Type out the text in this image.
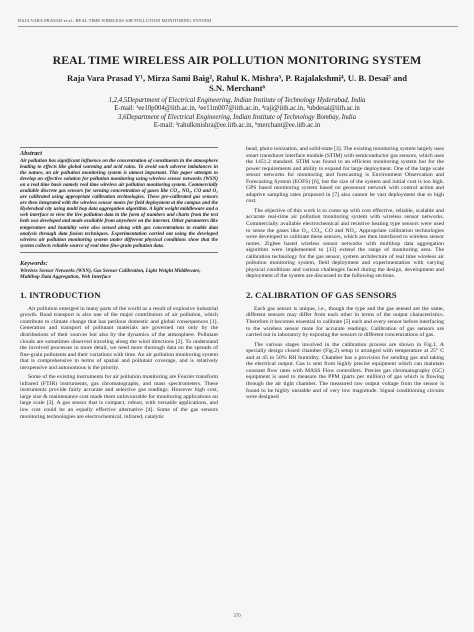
RAJA VARA PRASAD et al.: REAL TIME WIRELESS AIR POLLUTION MONITORING SYSTEM
REAL TIME WIRELESS AIR POLLUTION MONITORING SYSTEM
Raja Vara Prasad Y¹, Mirza Sami Baig², Rahul K. Mishra³, P. Rajalakshmi⁴, U. B. Desai⁵ and
S.N. Merchant⁶
1,2,4,5Department of Electrical Engineering, Indian Institute of Technology Hyderabad, India
E-mail: ¹ee10p004@iith.ac.in, ²ee11m007@iith.ac.in, ⁴raji@iith.ac.in, ⁵ubdesai@iith.ac.in
3,6Department of Electrical Engineering, Indian Institute of Technology Bombay, India
E-mail: ³rahulkmishra@ee.iitb.ac.in, ⁶merchant@ee.iitb.ac.in
Abstract

Air pollution has significant influence on the concentration of constituents in the atmosphere leading to effects like global warming and acid rains. To avoid such adverse imbalances in the nature, an air pollution monitoring system is utmost important. This paper attempts to develop an effective solution for pollution monitoring using wireless sensor networks (WSN) on a real time basis namely real time wireless air pollution monitoring system. Commercially available discrete gas sensors for sensing concentration of gases like CO₂, NO₂, CO and O₂ are calibrated using appropriate calibration technologies. These pre-calibrated gas sensors are then integrated with the wireless sensor motes for field deployment at the campus and the Hyderabad city using multi hop data aggregation algorithm. A light weight middleware and a web interface to view the live pollution data in the form of numbers and charts from the test beds was developed and made available from anywhere on the internet. Other parameters like temperature and humidity were also sensed along with gas concentrations to enable data analysis through data fusion techniques. Experimentation carried out using the developed wireless air pollution monitoring system under different physical conditions show that the system collects reliable source of real time fine-grain pollution data.

Keywords:

Wireless Sensor Networks (WSN), Gas Sensor Calibration, Light Weight Middleware, Multihop Data Aggregation, Web Interface

1. INTRODUCTION

Air pollution emerged in many parts of the world as a result of explosive industrial growth. Road transport is also one of the major contributors of air pollution, which contribute to climate change that has perilous domestic and global consequences [1]. Generation and transport of pollutant materials are governed not only by the distributions of their sources but also by the dynamics of the atmosphere. Pollutant clouds are sometimes observed traveling along the wind directions [2]. To understand the involved processes in more detail, we need more thorough data on the spreads of fine-grain pollutants and their variations with time. An air pollution monitoring system that is comprehensive in terms of spatial and pollutant coverage, and is relatively inexpensive and autonomous is the priority.

Some of the existing instruments for air pollution monitoring are Fourier transform infrared (FTIR) instruments, gas chromatographs, and mass spectrometers. These instruments provide fairly accurate and selective gas readings. However high cost, large size & maintenance cost made them unfavourable for monitoring applications on large scale [3]. A gas sensor that is compact, robust, with versatile applications, and low cost could be an equally effective alternative [4]. Some of the gas sensors monitoring technologies are electrochemical, infrared, catalytic

bead, photo ionization, and solid-state [3]. The existing monitoring system largely uses smart transducer interface module (STIM) with semiconductor gas sensors, which uses the 1451.2 standard. STIM was found to an efficient monitoring system but for the power requirements and ability to expand for large deployment. One of the large scale sensor networks for monitoring and forecasting is Environment Observation and Forecasting System (EOFS) [6], but the size of the system and initial cost is too high. GPS based monitoring system based on geosensor network with control action and adaptive sampling rates proposed in [7] also cannot be vast deployment due to high cost.

The objective of this work is to come up with cost effective, reliable, scalable and accurate real-time air pollution monitoring system with wireless sensor networks. Commercially available electrochemical and resistive heating type sensors were used to sense the gases like O₂, CO₂, CO and NO₂. Appropriate calibration technologies were developed to calibrate these sensors, which are then interfaced to wireless sensor motes. Zigbee based wireless sensor networks with multihop data aggregation algorithm were implemented to [13] extend the range of monitoring area. The calibration technology for the gas sensor, system architecture of real time wireless air pollution monitoring system, field deployment and experimentation with varying physical conditions and various challenges faced during the design, development and deployment of the system are discussed in the following sections.

2. CALIBRATION OF GAS SENSORS

Each gas sensor is unique, i.e., though the type and the gas sensed are the same, different sensors may differ from each other in terms of the output characteristics. Therefore it becomes essential to calibrate [5] each and every sensor before interfacing to the wireless sensor mote for accurate readings. Calibration of gas sensors are carried out in laboratory by exposing the sensors to different concentrations of gas.

The various stages involved in the calibration process are shown in Fig.1. A specially design closed chamber (Fig.2) setup is arranged with temperature at 25° C and at 45 to 50% RH humidity. Chamber has a provision for sending gas and taking the electrical output. Gas is sent from highly precise equipment which can maintain constant flow rates with MASS Flow controllers. Precise gas chromatography (GC) equipment is used to measure the PPM (parts per million) of gas which is flowing through the air tight chamber. The measured raw output voltage from the sensor is found to be highly unstable and of very low magnitude. Signal conditioning circuits were designed

370
